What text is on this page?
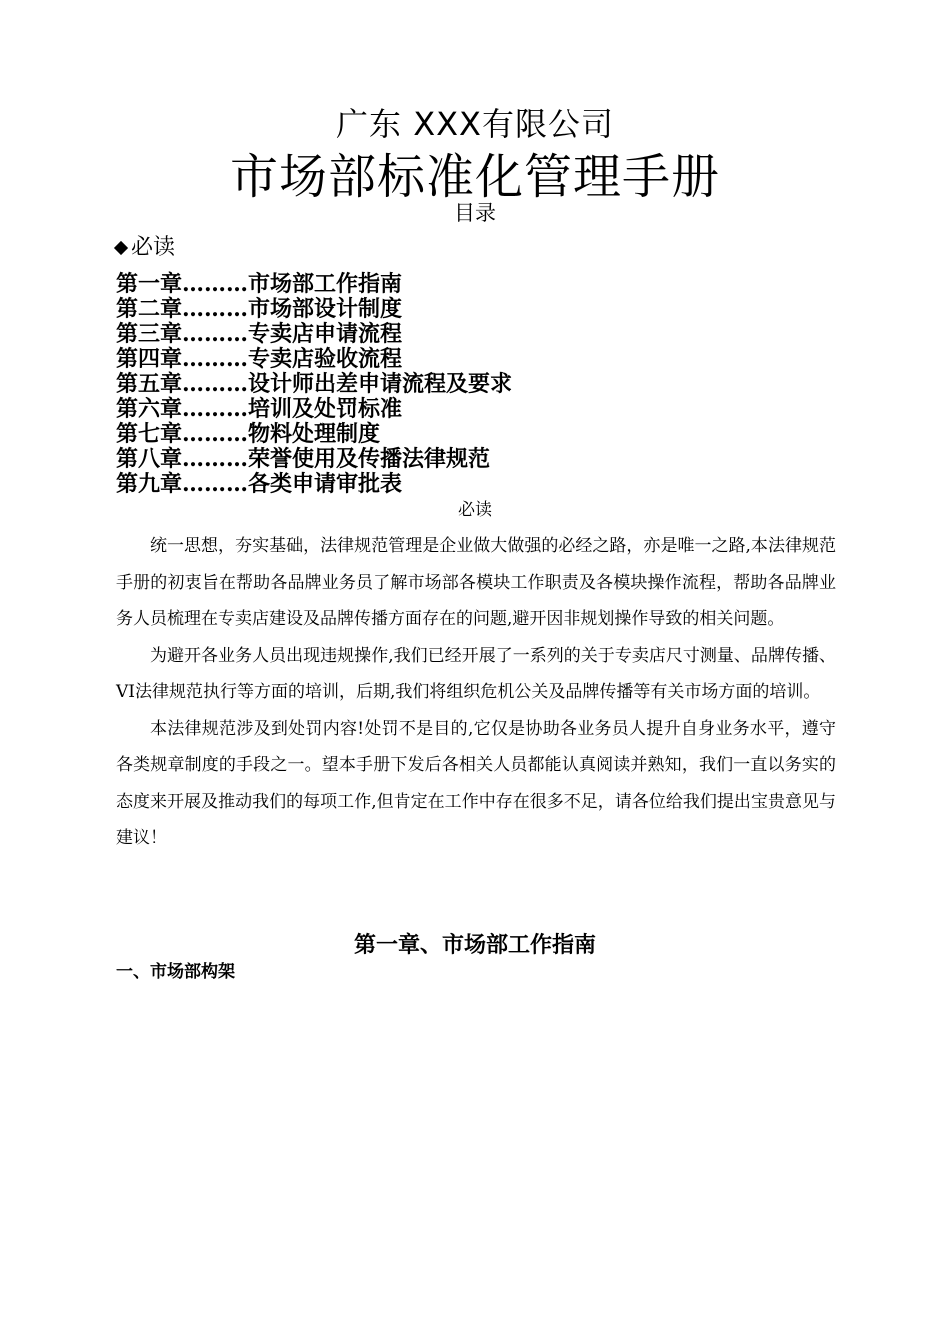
广东 XXX有限公司
市场部标准化管理手册
目录
必读
第一章………市场部工作指南
第二章………市场部设计制度
第三章………专卖店申请流程
第四章………专卖店验收流程
第五章………设计师出差申请流程及要求
第六章………培训及处罚标准
第七章………物料处理制度
第八章………荣誉使用及传播法律规范
第九章………各类申请审批表
必读

统一思想，夯实基础，法律规范管理是企业做大做强的必经之路，亦是唯一之路,本法律规范手册的初衷旨在帮助各品牌业务员了解市场部各模块工作职责及各模块操作流程，帮助各品牌业务人员梳理在专卖店建设及品牌传播方面存在的问题,避开因非规划操作导致的相关问题。

为避开各业务人员出现违规操作,我们已经开展了一系列的关于专卖店尺寸测量、品牌传播、VI法律规范执行等方面的培训，后期,我们将组织危机公关及品牌传播等有关市场方面的培训。

本法律规范涉及到处罚内容!处罚不是目的,它仅是协助各业务员人提升自身业务水平，遵守各类规章制度的手段之一。望本手册下发后各相关人员都能认真阅读并熟知，我们一直以务实的态度来开展及推动我们的每项工作,但肯定在工作中存在很多不足，请各位给我们提出宝贵意见与建议！

第一章、市场部工作指南
一、市场部构架
